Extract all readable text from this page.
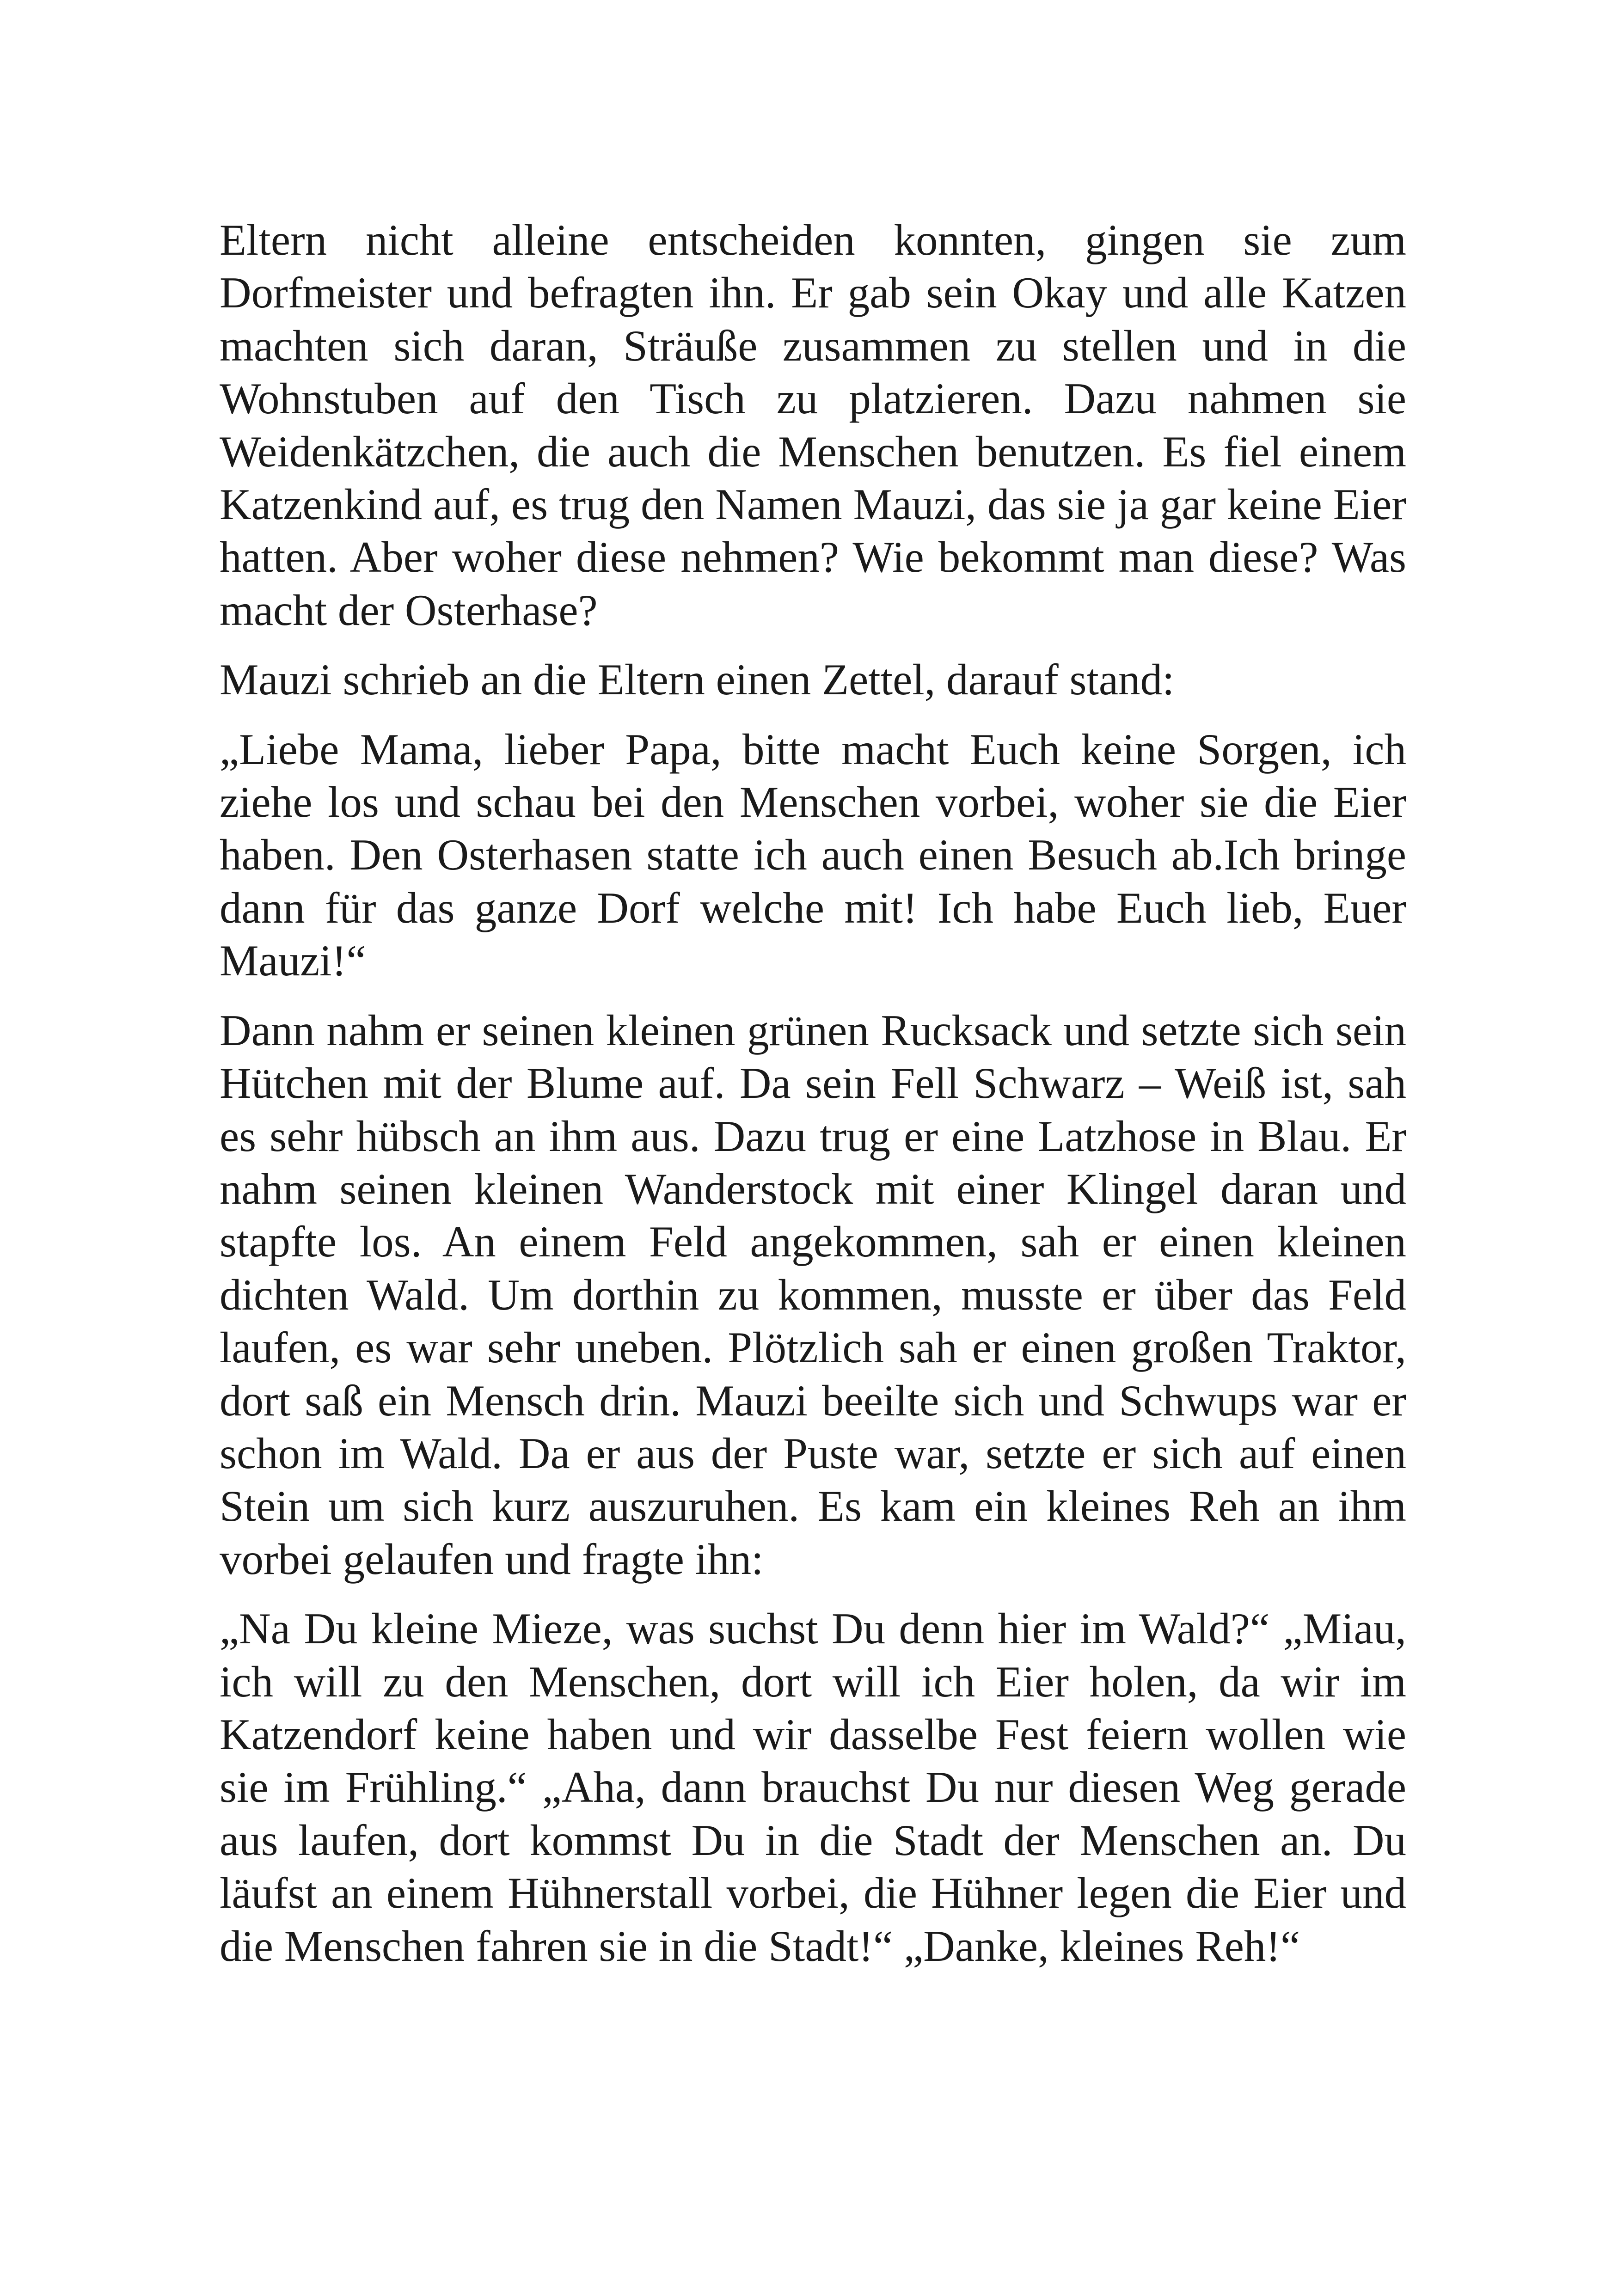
Eltern nicht alleine entscheiden konnten, gingen sie zum Dorfmeister und befragten ihn. Er gab sein Okay und alle Katzen machten sich daran, Sträuße zusammen zu stellen und in die Wohnstuben auf den Tisch zu platzieren. Dazu nahmen sie Weidenkätzchen, die auch die Menschen benutzen. Es fiel einem Katzenkind auf, es trug den Namen Mauzi, das sie ja gar keine Eier hatten. Aber woher diese nehmen? Wie bekommt man diese? Was macht der Osterhase?

Mauzi schrieb an die Eltern einen Zettel, darauf stand:

„Liebe Mama, lieber Papa, bitte macht Euch keine Sorgen, ich ziehe los und schau bei den Menschen vorbei, woher sie die Eier haben. Den Osterhasen statte ich auch einen Besuch ab.Ich bringe dann für das ganze Dorf welche mit! Ich habe Euch lieb, Euer Mauzi!“

Dann nahm er seinen kleinen grünen Rucksack und setzte sich sein Hütchen mit der Blume auf. Da sein Fell Schwarz – Weiß ist, sah es sehr hübsch an ihm aus. Dazu trug er eine Latzhose in Blau. Er nahm seinen kleinen Wanderstock mit einer Klingel daran und stapfte los. An einem Feld angekommen, sah er einen kleinen dichten Wald. Um dorthin zu kommen, musste er über das Feld laufen, es war sehr uneben. Plötzlich sah er einen großen Traktor, dort saß ein Mensch drin. Mauzi beeilte sich und Schwups war er schon im Wald. Da er aus der Puste war, setzte er sich auf einen Stein um sich kurz auszuruhen. Es kam ein kleines Reh an ihm vorbei gelaufen und fragte ihn:

„Na Du kleine Mieze, was suchst Du denn hier im Wald?“ „Miau, ich will zu den Menschen, dort will ich Eier holen, da wir im Katzendorf keine haben und wir dasselbe Fest feiern wollen wie sie im Frühling.“ „Aha, dann brauchst Du nur diesen Weg gerade aus laufen, dort kommst Du in die Stadt der Menschen an. Du läufst an einem Hühnerstall vorbei, die Hühner legen die Eier und die Menschen fahren sie in die Stadt!“ „Danke, kleines Reh!“
